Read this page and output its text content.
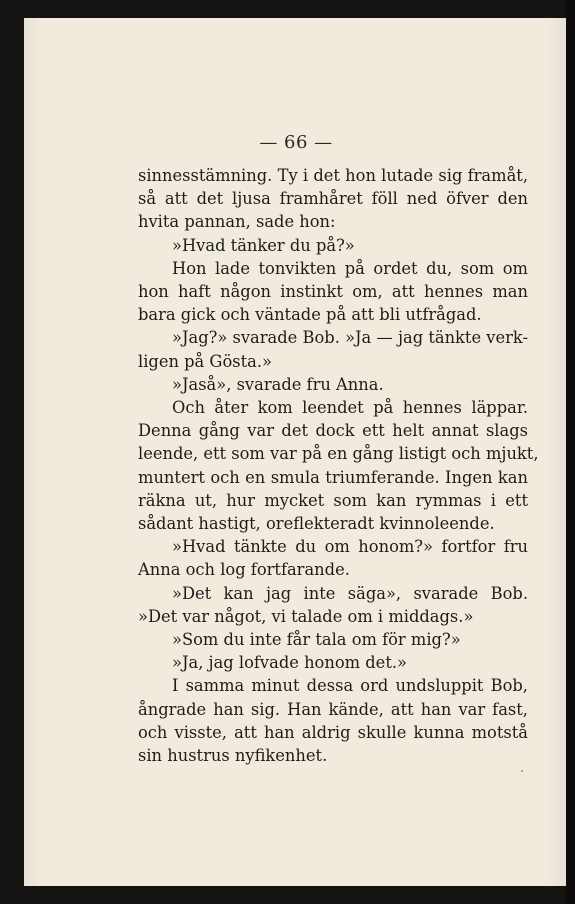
— 66 —
sinnesstämning. Ty i det hon lutade sig framåt,
så att det ljusa framhåret föll ned öfver den
hvita pannan, sade hon:
»Hvad tänker du på?»
Hon lade tonvikten på ordet du, som om
hon haft någon instinkt om, att hennes man
bara gick och väntade på att bli utfrågad.
»Jag?» svarade Bob. »Ja — jag tänkte verk-
ligen på Gösta.»
»Jaså», svarade fru Anna.
Och åter kom leendet på hennes läppar.
Denna gång var det dock ett helt annat slags
leende, ett som var på en gång listigt och mjukt,
muntert och en smula triumferande. Ingen kan
räkna ut, hur mycket som kan rymmas i ett
sådant hastigt, oreflekteradt kvinnoleende.
»Hvad tänkte du om honom?» fortfor fru
Anna och log fortfarande.
»Det kan jag inte säga», svarade Bob.
»Det var något, vi talade om i middags.»
»Som du inte får tala om för mig?»
»Ja, jag lofvade honom det.»
I samma minut dessa ord undsluppit Bob,
ångrade han sig. Han kände, att han var fast,
och visste, att han aldrig skulle kunna motstå
sin hustrus nyfikenhet.
